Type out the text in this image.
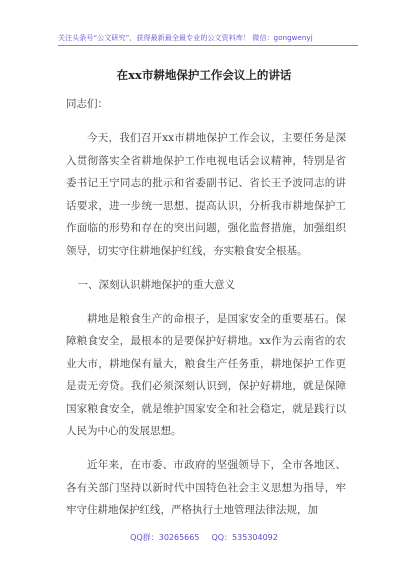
关注头条号“公文研究”，获得最新最全最专业的公文资料库！ 微信：gongwenyj
在xx市耕地保护工作会议上的讲话

同志们：

今天，我们召开xx市耕地保护工作会议，主要任务是深入贯彻落实全省耕地保护工作电视电话会议精神，特别是省委书记王宁同志的批示和省委副书记、省长王予波同志的讲话要求，进一步统一思想、提高认识，分析我市耕地保护工作面临的形势和存在的突出问题，强化监督措施，加强组织领导，切实守住耕地保护红线，夯实粮食安全根基。

一、深刻认识耕地保护的重大意义

耕地是粮食生产的命根子，是国家安全的重要基石。保障粮食安全，最根本的是要保护好耕地。xx作为云南省的农业大市，耕地保有量大，粮食生产任务重，耕地保护工作更是责无旁贷。我们必须深刻认识到，保护好耕地，就是保障国家粮食安全，就是维护国家安全和社会稳定，就是践行以人民为中心的发展思想。

近年来，在市委、市政府的坚强领导下，全市各地区、各有关部门坚持以新时代中国特色社会主义思想为指导，牢牢守住耕地保护红线，严格执行土地管理法律法规，加

QQ群：30265665 QQ：535304092
